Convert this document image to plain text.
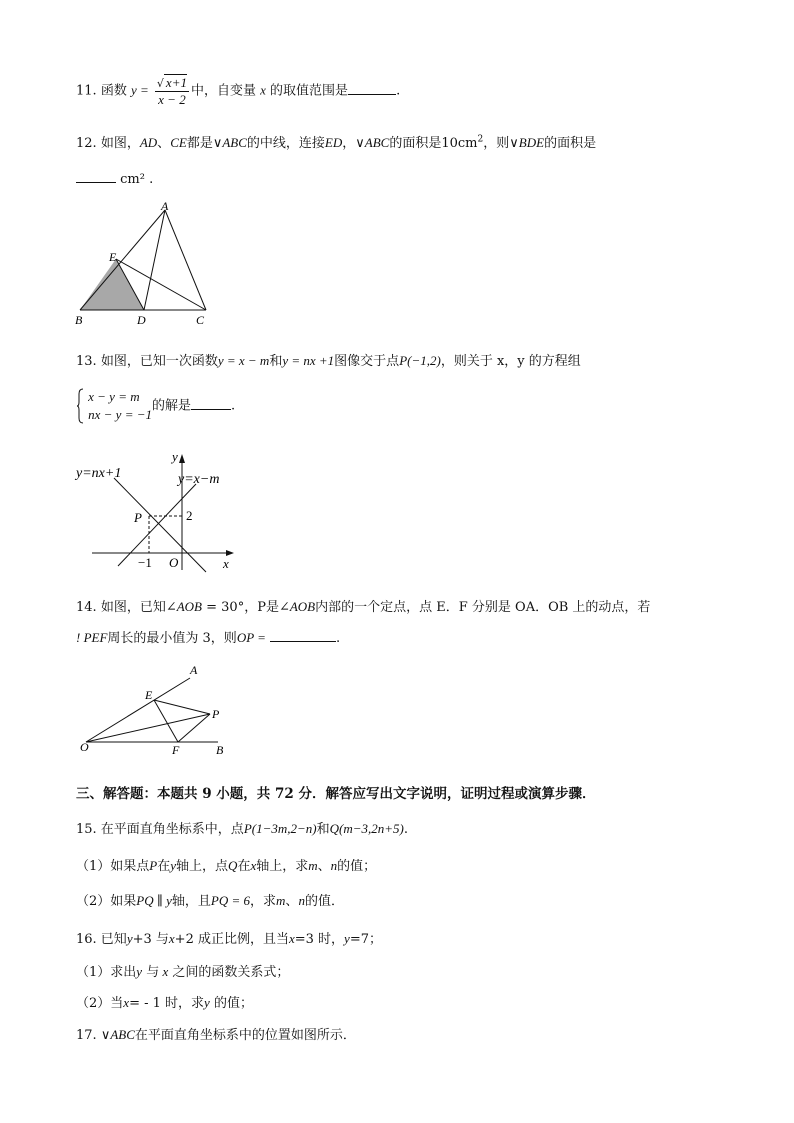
11. 函数 $y = \frac{√ x+1}{x - 2}$ 中，自变量 x 的取值范围是	.
12. 如图，AD、CE都是∨ABC的中线，连接ED，∨ABC的面积是$10cm^2$，则∨BDE的面积是
cm² .
A
E
B	D	C
13. 如图，已知一次函数y = x − m和y = nx +1图像交于点P(−1,2)，则关于 x，y 的方程组

x − y = m
nx − y = −1
的解是	.
y=nx+1	y=x−m
y
x
P	2
−1 O
14. 如图，已知∠AOB = 30°，P是∠AOB内部的一个定点，点 E．F 分别是 OA．OB 上的动点，若
! PEF周长的最小值为 3，则OP =	.
A
E
P
O	F	B
三、解答题：本题共 9 小题，共 72 分．解答应写出文字说明，证明过程或演算步骤．
15. 在平面直角坐标系中，点P(1−3m,2−n)和Q(m−3,2n+5).
（1）如果点P在y轴上，点Q在x轴上，求m、n的值；
（2）如果PQ ∥ y轴，且PQ = 6，求m、n的值．
16. 已知y+3 与x+2 成正比例，且当x=3 时，y=7；
（1）求出y 与 x 之间的函数关系式；
（2）当x= - 1 时，求y 的值；
17. ∨ABC在平面直角坐标系中的位置如图所示．
